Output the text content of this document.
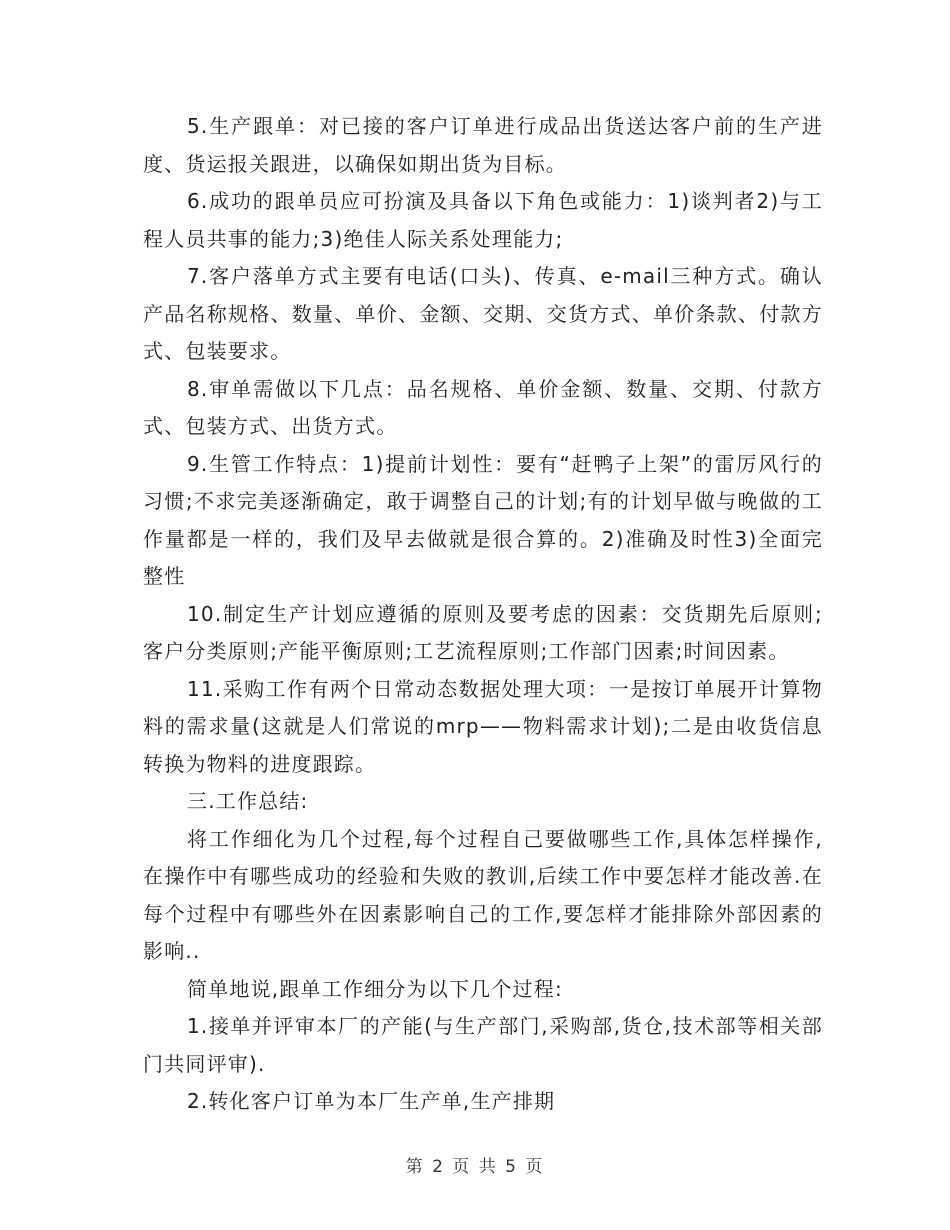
5.生产跟单：对已接的客户订单进行成品出货送达客户前的生产进度、货运报关跟进，以确保如期出货为目标。

6.成功的跟单员应可扮演及具备以下角色或能力：1)谈判者2)与工程人员共事的能力;3)绝佳人际关系处理能力;

7.客户落单方式主要有电话(口头)、传真、e-mail三种方式。确认产品名称规格、数量、单价、金额、交期、交货方式、单价条款、付款方式、包装要求。

8.审单需做以下几点：品名规格、单价金额、数量、交期、付款方式、包装方式、出货方式。

9.生管工作特点：1)提前计划性：要有“赶鸭子上架”的雷厉风行的习惯;不求完美逐渐确定，敢于调整自己的计划;有的计划早做与晚做的工作量都是一样的，我们及早去做就是很合算的。2)准确及时性3)全面完整性

10.制定生产计划应遵循的原则及要考虑的因素：交货期先后原则;客户分类原则;产能平衡原则;工艺流程原则;工作部门因素;时间因素。

11.采购工作有两个日常动态数据处理大项：一是按订单展开计算物料的需求量(这就是人们常说的mrp——物料需求计划);二是由收货信息转换为物料的进度跟踪。

三.工作总结:

将工作细化为几个过程,每个过程自己要做哪些工作,具体怎样操作,在操作中有哪些成功的经验和失败的教训,后续工作中要怎样才能改善.在每个过程中有哪些外在因素影响自己的工作,要怎样才能排除外部因素的影响..

简单地说,跟单工作细分为以下几个过程:

1.接单并评审本厂的产能(与生产部门,采购部,货仓,技术部等相关部门共同评审).

2.转化客户订单为本厂生产单,生产排期

第 2 页 共 5 页
